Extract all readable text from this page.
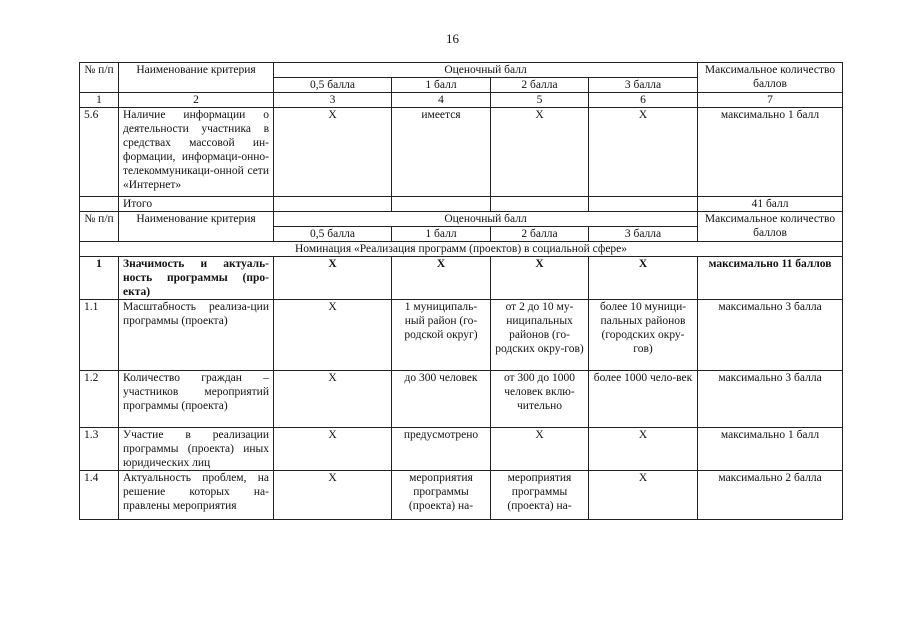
16
№ п/п	Наименование критерия	Оценочный балл				Максимальное количество баллов
		0,5 балла	1 балл	2 балла	3 балла	
1	2	3	4	5	6	7
5.6	Наличие информации о деятельности участника в средствах массовой ин-формации, информаци-онно-телекоммуникаци-онной сети «Интернет»	Х	имеется	Х	Х	максимально 1 балл
	Итого					41 балл
№ п/п	Наименование критерия	Оценочный балл				Максимальное количество баллов
		0,5 балла	1 балл	2 балла	3 балла	
Номинация «Реализация программ (проектов) в социальной сфере»						
1	Значимость и актуаль-ность программы (про-екта)	Х	Х	Х	Х	максимально 11 баллов
1.1	Масштабность реализа-ции программы (проекта)	Х	1 муниципаль-ный район (го-родской округ)	от 2 до 10 му-ниципальных районов (го-родских окру-гов)	более 10 муници-пальных районов (городских окру-гов)	максимально 3 балла
1.2	Количество граждан – участников мероприятий программы (проекта)	Х	до 300 человек	от 300 до 1000 человек вклю-чительно	более 1000 чело-век	максимально 3 балла
1.3	Участие в реализации программы (проекта) иных юридических лиц	Х	предусмотрено	Х	Х	максимально 1 балл
1.4	Актуальность проблем, на решение которых на-правлены мероприятия	Х	мероприятия программы (проекта) на-	мероприятия программы (проекта) на-	Х	максимально 2 балла
